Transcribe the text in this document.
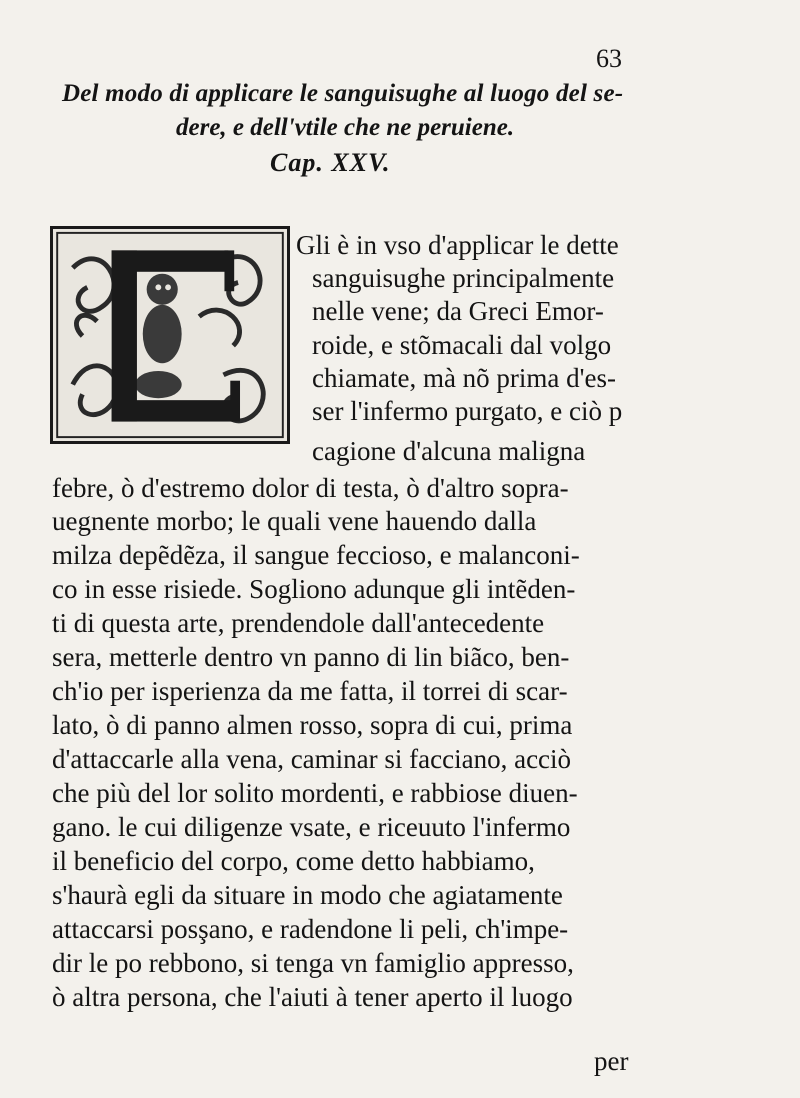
63
Del modo di applicare le sanguisughe al luogo del se-
dere, e dell'vtile che ne peruiene.
Cap. XXV.
Gli è in vso d'applicar le dette
sanguisughe principalmente
nelle vene; da Greci Emor-
roide, e stõmacali dal volgo
chiamate, mà nõ prima d'es-
ser l'infermo purgato, e ciò p
cagione d'alcuna maligna
febre, ò d'estremo dolor di testa, ò d'altro sopra-
uegnente morbo; le quali vene hauendo dalla
milza depẽdẽza, il sangue feccioso, e malanconi-
co in esse risiede. Sogliono adunque gli intẽden-
ti di questa arte, prendendole dall'antecedente
sera, metterle dentro vn panno di lin biãco, ben-
ch'io per isperienza da me fatta, il torrei di scar-
lato, ò di panno almen rosso, sopra di cui, prima
d'attaccarle alla vena, caminar si facciano, acciò
che più del lor solito mordenti, e rabbiose diuen-
gano. le cui diligenze vsate, e riceuuto l'infermo
il beneficio del corpo, come detto habbiamo,
s'haurà egli da situare in modo che agiatamente
attaccarsi posşano, e radendone li peli, ch'impe-
dir le po rebbono, si tenga vn famiglio appresso,
ò altra persona, che l'aiuti à tener aperto il luogo
per
